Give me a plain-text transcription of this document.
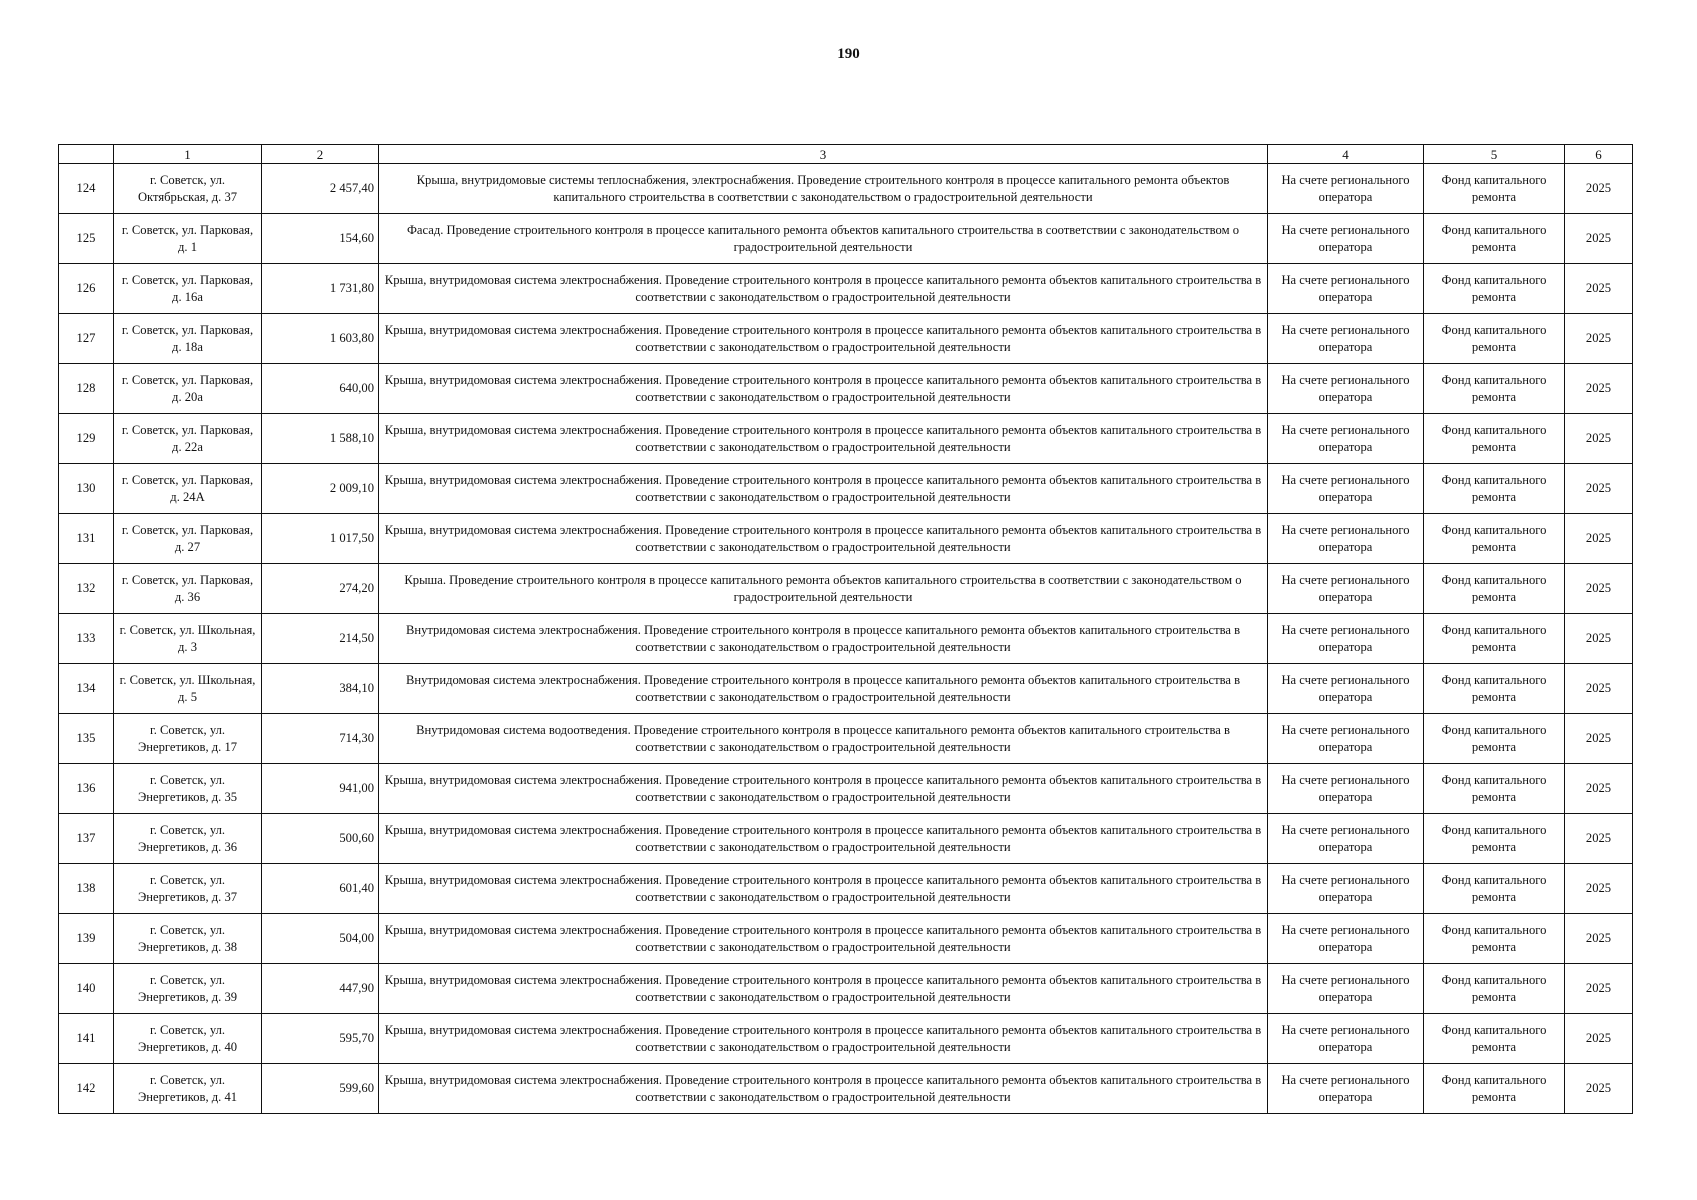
190
	1	2	3	4	5	6
124	г. Советск, ул. Октябрьская, д. 37	2 457,40	Крыша, внутридомовые системы теплоснабжения, электроснабжения. Проведение строительного контроля в процессе капитального ремонта объектов капитального строительства в соответствии с законодательством о градостроительной деятельности	На счете регионального оператора	Фонд капитального ремонта	2025
125	г. Советск, ул. Парковая, д. 1	154,60	Фасад. Проведение строительного контроля в процессе капитального ремонта объектов капитального строительства в соответствии с законодательством о градостроительной деятельности	На счете регионального оператора	Фонд капитального ремонта	2025
126	г. Советск, ул. Парковая, д. 16а	1 731,80	Крыша, внутридомовая система электроснабжения. Проведение строительного контроля в процессе капитального ремонта объектов капитального строительства в соответствии с законодательством о градостроительной деятельности	На счете регионального оператора	Фонд капитального ремонта	2025
127	г. Советск, ул. Парковая, д. 18а	1 603,80	Крыша, внутридомовая система электроснабжения. Проведение строительного контроля в процессе капитального ремонта объектов капитального строительства в соответствии с законодательством о градостроительной деятельности	На счете регионального оператора	Фонд капитального ремонта	2025
128	г. Советск, ул. Парковая, д. 20а	640,00	Крыша, внутридомовая система электроснабжения. Проведение строительного контроля в процессе капитального ремонта объектов капитального строительства в соответствии с законодательством о градостроительной деятельности	На счете регионального оператора	Фонд капитального ремонта	2025
129	г. Советск, ул. Парковая, д. 22а	1 588,10	Крыша, внутридомовая система электроснабжения. Проведение строительного контроля в процессе капитального ремонта объектов капитального строительства в соответствии с законодательством о градостроительной деятельности	На счете регионального оператора	Фонд капитального ремонта	2025
130	г. Советск, ул. Парковая, д. 24А	2 009,10	Крыша, внутридомовая система электроснабжения. Проведение строительного контроля в процессе капитального ремонта объектов капитального строительства в соответствии с законодательством о градостроительной деятельности	На счете регионального оператора	Фонд капитального ремонта	2025
131	г. Советск, ул. Парковая, д. 27	1 017,50	Крыша, внутридомовая система электроснабжения. Проведение строительного контроля в процессе капитального ремонта объектов капитального строительства в соответствии с законодательством о градостроительной деятельности	На счете регионального оператора	Фонд капитального ремонта	2025
132	г. Советск, ул. Парковая, д. 36	274,20	Крыша. Проведение строительного контроля в процессе капитального ремонта объектов капитального строительства в соответствии с законодательством о градостроительной деятельности	На счете регионального оператора	Фонд капитального ремонта	2025
133	г. Советск, ул. Школьная, д. 3	214,50	Внутридомовая система электроснабжения. Проведение строительного контроля в процессе капитального ремонта объектов капитального строительства в соответствии с законодательством о градостроительной деятельности	На счете регионального оператора	Фонд капитального ремонта	2025
134	г. Советск, ул. Школьная, д. 5	384,10	Внутридомовая система электроснабжения. Проведение строительного контроля в процессе капитального ремонта объектов капитального строительства в соответствии с законодательством о градостроительной деятельности	На счете регионального оператора	Фонд капитального ремонта	2025
135	г. Советск, ул. Энергетиков, д. 17	714,30	Внутридомовая система водоотведения. Проведение строительного контроля в процессе капитального ремонта объектов капитального строительства в соответствии с законодательством о градостроительной деятельности	На счете регионального оператора	Фонд капитального ремонта	2025
136	г. Советск, ул. Энергетиков, д. 35	941,00	Крыша, внутридомовая система электроснабжения. Проведение строительного контроля в процессе капитального ремонта объектов капитального строительства в соответствии с законодательством о градостроительной деятельности	На счете регионального оператора	Фонд капитального ремонта	2025
137	г. Советск, ул. Энергетиков, д. 36	500,60	Крыша, внутридомовая система электроснабжения. Проведение строительного контроля в процессе капитального ремонта объектов капитального строительства в соответствии с законодательством о градостроительной деятельности	На счете регионального оператора	Фонд капитального ремонта	2025
138	г. Советск, ул. Энергетиков, д. 37	601,40	Крыша, внутридомовая система электроснабжения. Проведение строительного контроля в процессе капитального ремонта объектов капитального строительства в соответствии с законодательством о градостроительной деятельности	На счете регионального оператора	Фонд капитального ремонта	2025
139	г. Советск, ул. Энергетиков, д. 38	504,00	Крыша, внутридомовая система электроснабжения. Проведение строительного контроля в процессе капитального ремонта объектов капитального строительства в соответствии с законодательством о градостроительной деятельности	На счете регионального оператора	Фонд капитального ремонта	2025
140	г. Советск, ул. Энергетиков, д. 39	447,90	Крыша, внутридомовая система электроснабжения. Проведение строительного контроля в процессе капитального ремонта объектов капитального строительства в соответствии с законодательством о градостроительной деятельности	На счете регионального оператора	Фонд капитального ремонта	2025
141	г. Советск, ул. Энергетиков, д. 40	595,70	Крыша, внутридомовая система электроснабжения. Проведение строительного контроля в процессе капитального ремонта объектов капитального строительства в соответствии с законодательством о градостроительной деятельности	На счете регионального оператора	Фонд капитального ремонта	2025
142	г. Советск, ул. Энергетиков, д. 41	599,60	Крыша, внутридомовая система электроснабжения. Проведение строительного контроля в процессе капитального ремонта объектов капитального строительства в соответствии с законодательством о градостроительной деятельности	На счете регионального оператора	Фонд капитального ремонта	2025
